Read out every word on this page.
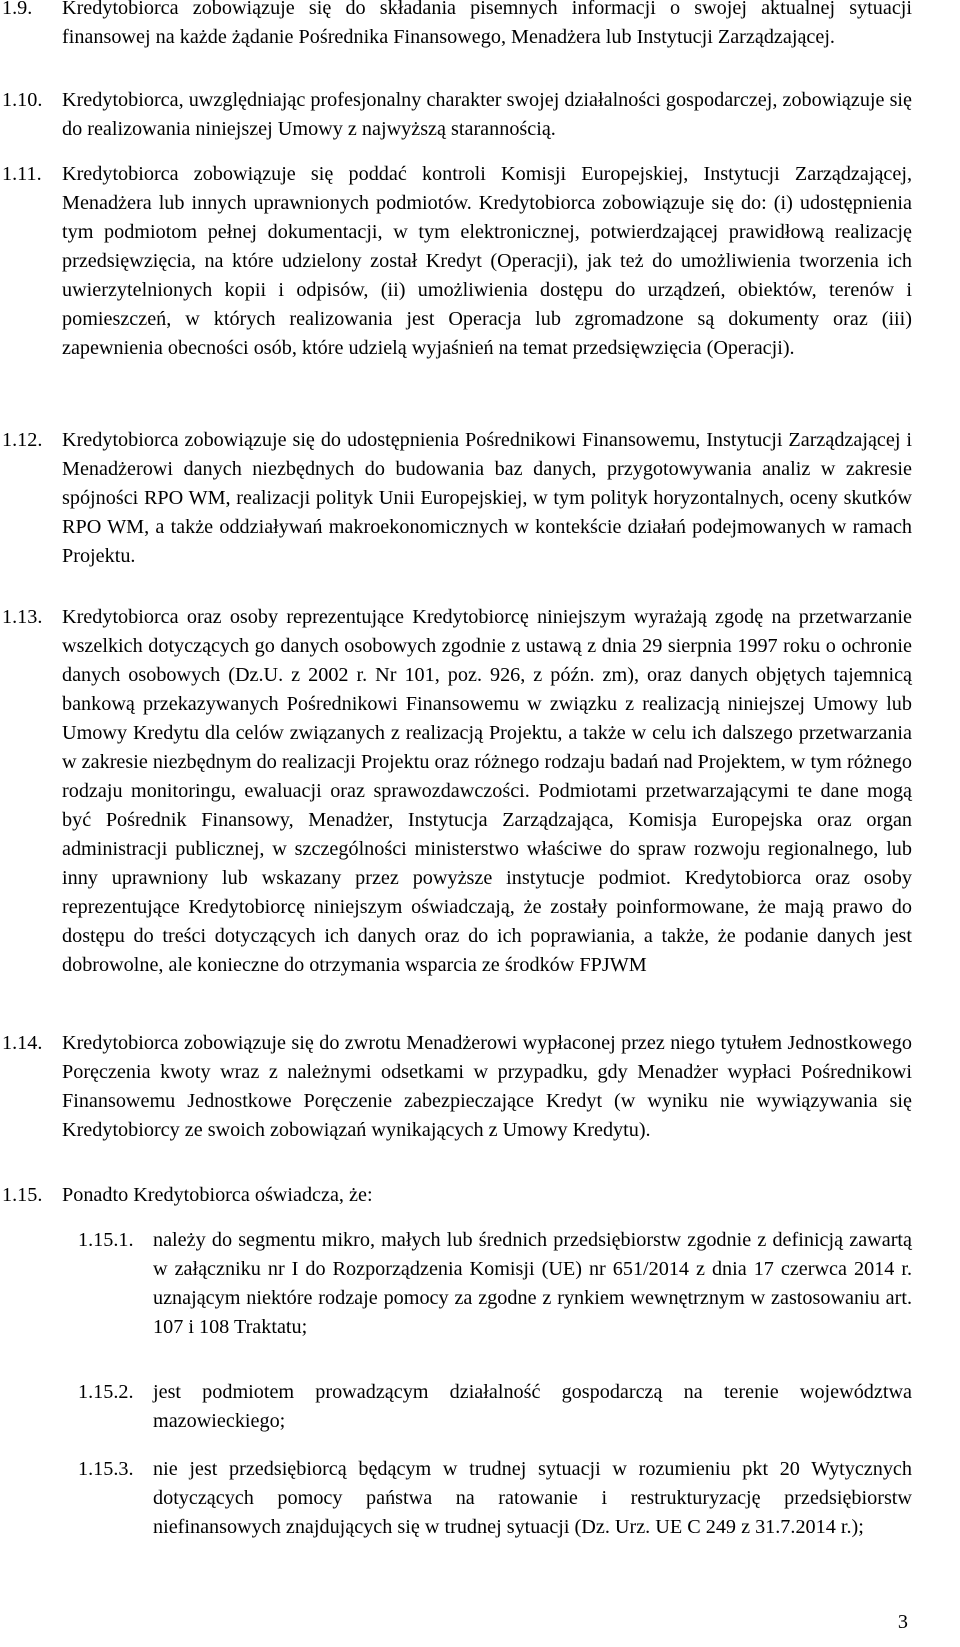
1.9. Kredytobiorca zobowiązuje się do składania pisemnych informacji o swojej aktualnej sytuacji finansowej na każde żądanie Pośrednika Finansowego, Menadżera lub Instytucji Zarządzającej.
1.10. Kredytobiorca, uwzględniając profesjonalny charakter swojej działalności gospodarczej, zobowiązuje się do realizowania niniejszej Umowy z najwyższą starannością.
1.11. Kredytobiorca zobowiązuje się poddać kontroli Komisji Europejskiej, Instytucji Zarządzającej, Menadżera lub innych uprawnionych podmiotów. Kredytobiorca zobowiązuje się do: (i) udostępnienia tym podmiotom pełnej dokumentacji, w tym elektronicznej, potwierdzającej prawidłową realizację przedsięwzięcia, na które udzielony został Kredyt (Operacji), jak też do umożliwienia tworzenia ich uwierzytelnionych kopii i odpisów, (ii) umożliwienia dostępu do urządzeń, obiektów, terenów i pomieszczeń, w których realizowania jest Operacja lub zgromadzone są dokumenty oraz (iii) zapewnienia obecności osób, które udzielą wyjaśnień na temat przedsięwzięcia (Operacji).
1.12. Kredytobiorca zobowiązuje się do udostępnienia Pośrednikowi Finansowemu, Instytucji Zarządzającej i Menadżerowi danych niezbędnych do budowania baz danych, przygotowywania analiz w zakresie spójności RPO WM, realizacji polityk Unii Europejskiej, w tym polityk horyzontalnych, oceny skutków RPO WM, a także oddziaływań makroekonomicznych w kontekście działań podejmowanych w ramach Projektu.
1.13. Kredytobiorca oraz osoby reprezentujące Kredytobiorcę niniejszym wyrażają zgodę na przetwarzanie wszelkich dotyczących go danych osobowych zgodnie z ustawą z dnia 29 sierpnia 1997 roku o ochronie danych osobowych (Dz.U. z 2002 r. Nr 101, poz. 926, z późn. zm), oraz danych objętych tajemnicą bankową przekazywanych Pośrednikowi Finansowemu w związku z realizacją niniejszej Umowy lub Umowy Kredytu dla celów związanych z realizacją Projektu, a także w celu ich dalszego przetwarzania w zakresie niezbędnym do realizacji Projektu oraz różnego rodzaju badań nad Projektem, w tym różnego rodzaju monitoringu, ewaluacji oraz sprawozdawczości. Podmiotami przetwarzającymi te dane mogą być Pośrednik Finansowy, Menadżer, Instytucja Zarządzająca, Komisja Europejska oraz organ administracji publicznej, w szczególności ministerstwo właściwe do spraw rozwoju regionalnego, lub inny uprawniony lub wskazany przez powyższe instytucje podmiot. Kredytobiorca oraz osoby reprezentujące Kredytobiorcę niniejszym oświadczają, że zostały poinformowane, że mają prawo do dostępu do treści dotyczących ich danych oraz do ich poprawiania, a także, że podanie danych jest dobrowolne, ale konieczne do otrzymania wsparcia ze środków FPJWM
1.14. Kredytobiorca zobowiązuje się do zwrotu Menadżerowi wypłaconej przez niego tytułem Jednostkowego Poręczenia kwoty wraz z należnymi odsetkami w przypadku, gdy Menadżer wypłaci Pośrednikowi Finansowemu Jednostkowe Poręczenie zabezpieczające Kredyt (w wyniku nie wywiązywania się Kredytobiorcy ze swoich zobowiązań wynikających z Umowy Kredytu).
1.15. Ponadto Kredytobiorca oświadcza, że:
1.15.1. należy do segmentu mikro, małych lub średnich przedsiębiorstw zgodnie z definicją zawartą w załączniku nr I do Rozporządzenia Komisji (UE) nr 651/2014 z dnia 17 czerwca 2014 r. uznającym niektóre rodzaje pomocy za zgodne z rynkiem wewnętrznym w zastosowaniu art. 107 i 108 Traktatu;
1.15.2. jest podmiotem prowadzącym działalność gospodarczą na terenie województwa mazowieckiego;
1.15.3. nie jest przedsiębiorcą będącym w trudnej sytuacji w rozumieniu pkt 20 Wytycznych dotyczących pomocy państwa na ratowanie i restrukturyzację przedsiębiorstw niefinansowych znajdujących się w trudnej sytuacji (Dz. Urz. UE C 249 z 31.7.2014 r.);
3
